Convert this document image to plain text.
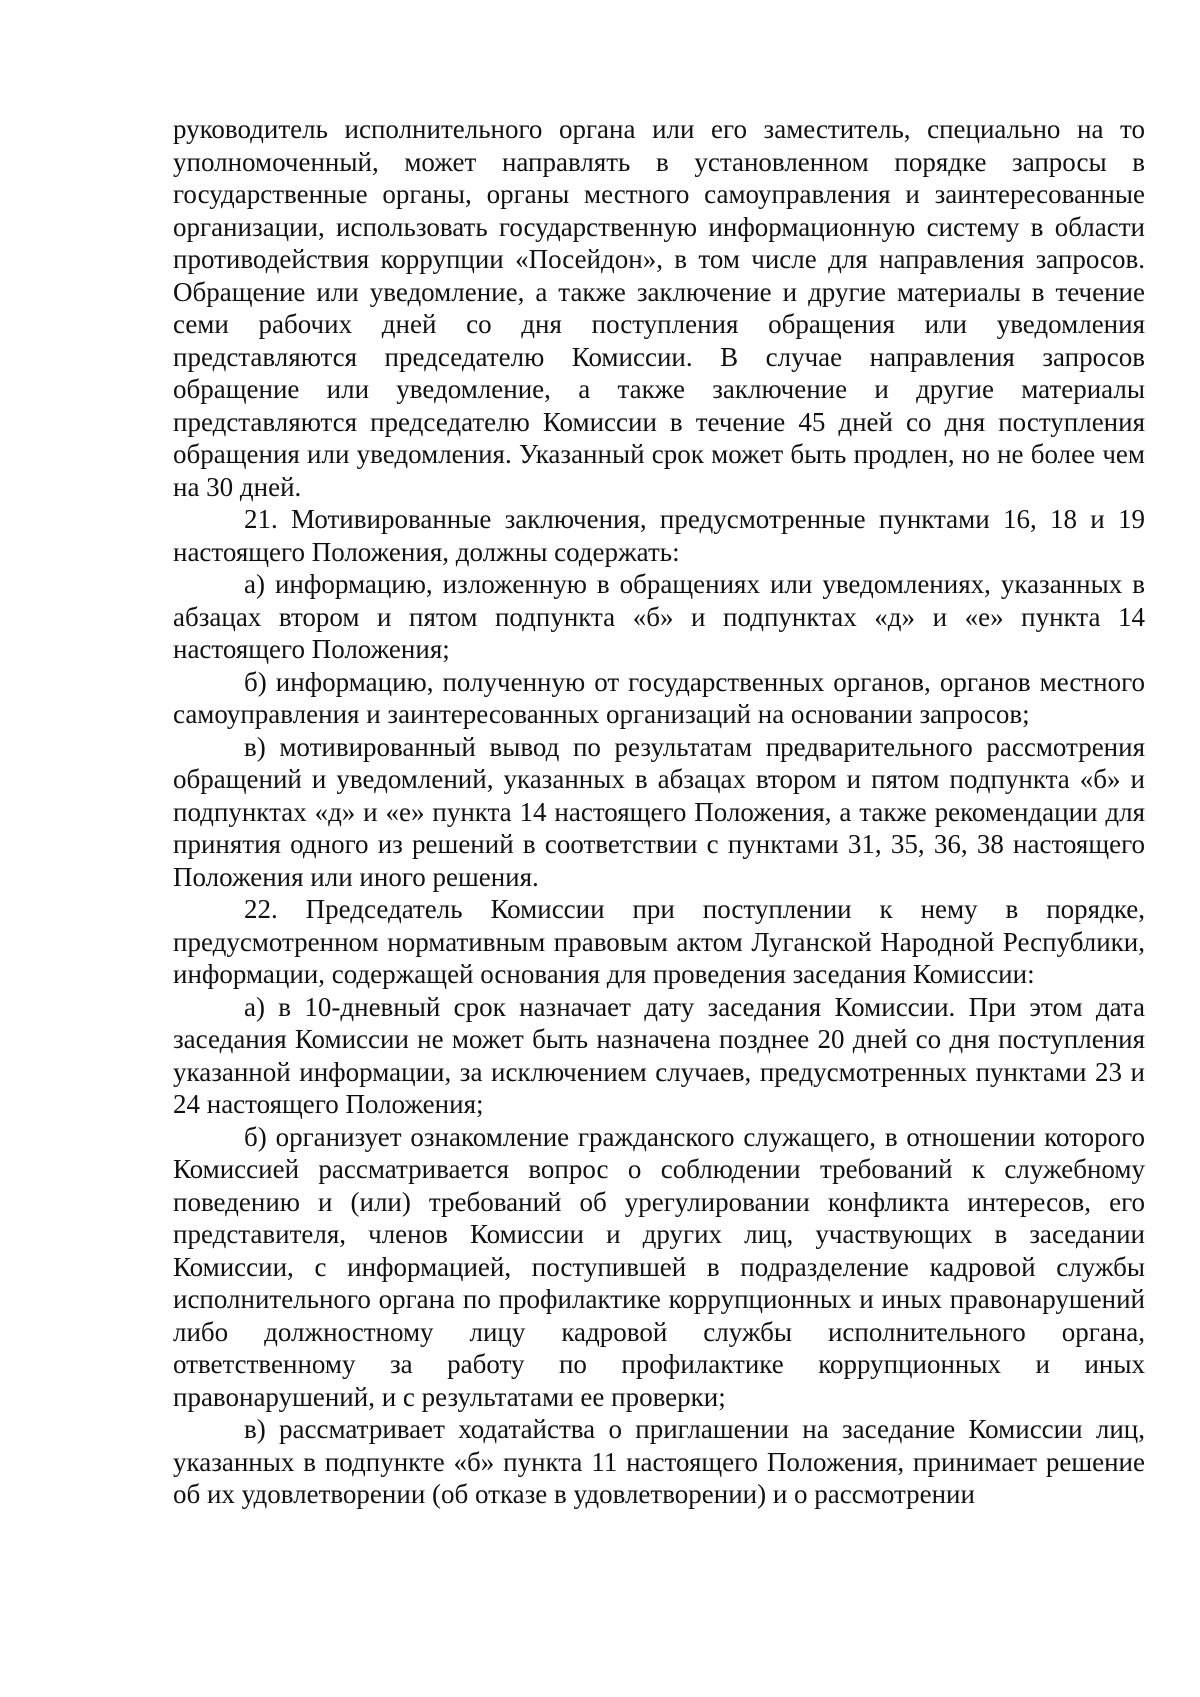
руководитель исполнительного органа или его заместитель, специально на то уполномоченный, может направлять в установленном порядке запросы в государственные органы, органы местного самоуправления и заинтересованные организации, использовать государственную информационную систему в области противодействия коррупции «Посейдон», в том числе для направления запросов. Обращение или уведомление, а также заключение и другие материалы в течение семи рабочих дней со дня поступления обращения или уведомления представляются председателю Комиссии. В случае направления запросов обращение или уведомление, а также заключение и другие материалы представляются председателю Комиссии в течение 45 дней со дня поступления обращения или уведомления. Указанный срок может быть продлен, но не более чем на 30 дней.

21. Мотивированные заключения, предусмотренные пунктами 16, 18 и 19 настоящего Положения, должны содержать:

а) информацию, изложенную в обращениях или уведомлениях, указанных в абзацах втором и пятом подпункта «б» и подпунктах «д» и «е» пункта 14 настоящего Положения;

б) информацию, полученную от государственных органов, органов местного самоуправления и заинтересованных организаций на основании запросов;

в) мотивированный вывод по результатам предварительного рассмотрения обращений и уведомлений, указанных в абзацах втором и пятом подпункта «б» и подпунктах «д» и «е» пункта 14 настоящего Положения, а также рекомендации для принятия одного из решений в соответствии с пунктами 31, 35, 36, 38 настоящего Положения или иного решения.

22. Председатель Комиссии при поступлении к нему в порядке, предусмотренном нормативным правовым актом Луганской Народной Республики, информации, содержащей основания для проведения заседания Комиссии:

а) в 10-дневный срок назначает дату заседания Комиссии. При этом дата заседания Комиссии не может быть назначена позднее 20 дней со дня поступления указанной информации, за исключением случаев, предусмотренных пунктами 23 и 24 настоящего Положения;

б) организует ознакомление гражданского служащего, в отношении которого Комиссией рассматривается вопрос о соблюдении требований к служебному поведению и (или) требований об урегулировании конфликта интересов, его представителя, членов Комиссии и других лиц, участвующих в заседании Комиссии, с информацией, поступившей в подразделение кадровой службы исполнительного органа по профилактике коррупционных и иных правонарушений либо должностному лицу кадровой службы исполнительного органа, ответственному за работу по профилактике коррупционных и иных правонарушений, и с результатами ее проверки;

в) рассматривает ходатайства о приглашении на заседание Комиссии лиц, указанных в подпункте «б» пункта 11 настоящего Положения, принимает решение об их удовлетворении (об отказе в удовлетворении) и о рассмотрении
